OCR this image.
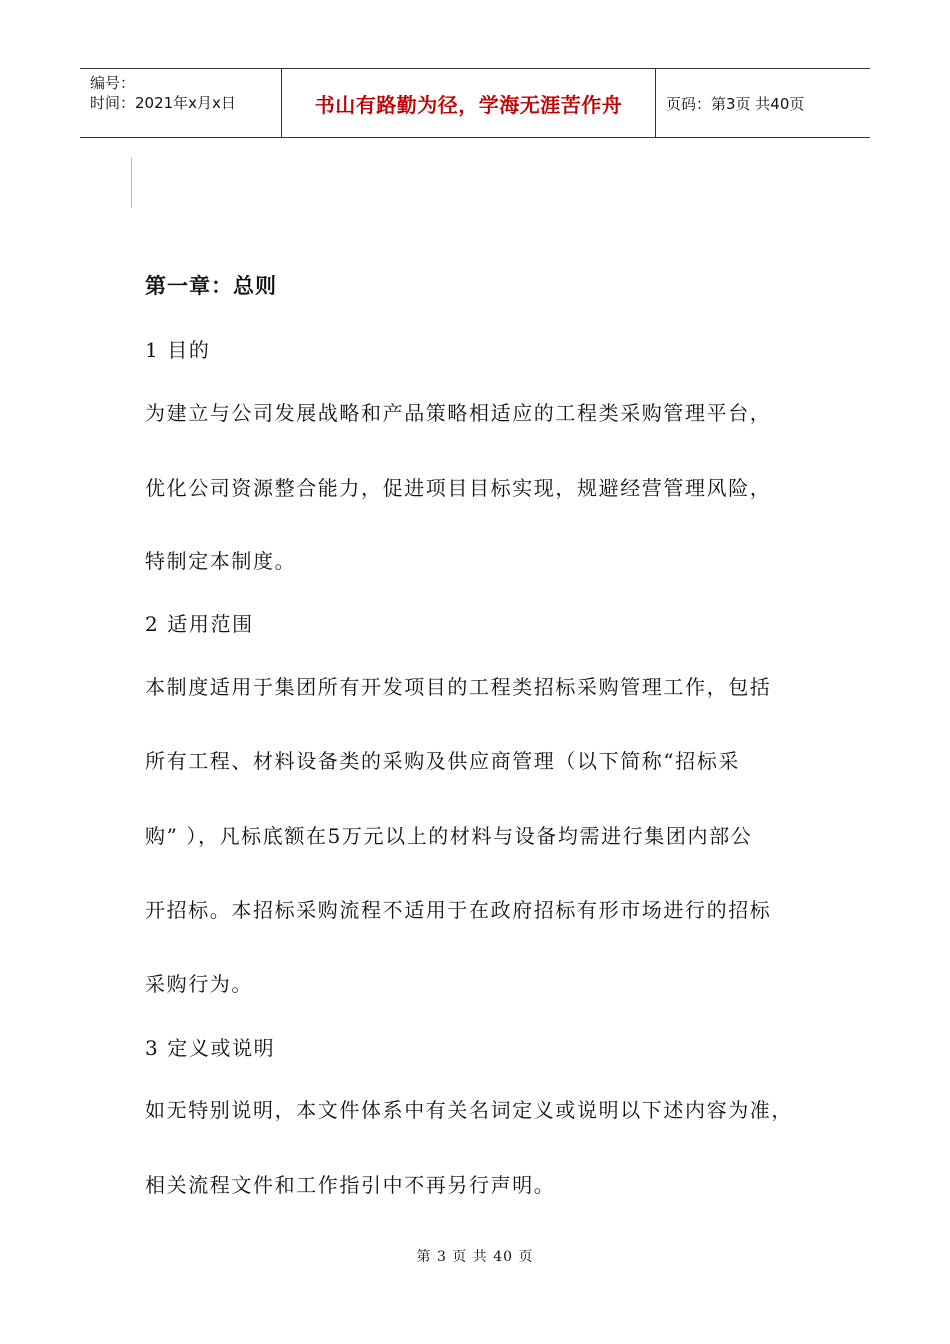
编号：
时间：2021年x月x日	书山有路勤为径，学海无涯苦作舟	页码：第3页 共40页
第一章：总则
1 目的
为建立与公司发展战略和产品策略相适应的工程类采购管理平台，
优化公司资源整合能力，促进项目目标实现，规避经营管理风险，
特制定本制度。
2 适用范围
本制度适用于集团所有开发项目的工程类招标采购管理工作，包括
所有工程、材料设备类的采购及供应商管理（以下简称“招标采
购” ），凡标底额在5万元以上的材料与设备均需进行集团内部公
开招标。本招标采购流程不适用于在政府招标有形市场进行的招标
采购行为。
3 定义或说明
如无特别说明，本文件体系中有关名词定义或说明以下述内容为准，
相关流程文件和工作指引中不再另行声明。
第 3 页 共 40 页
